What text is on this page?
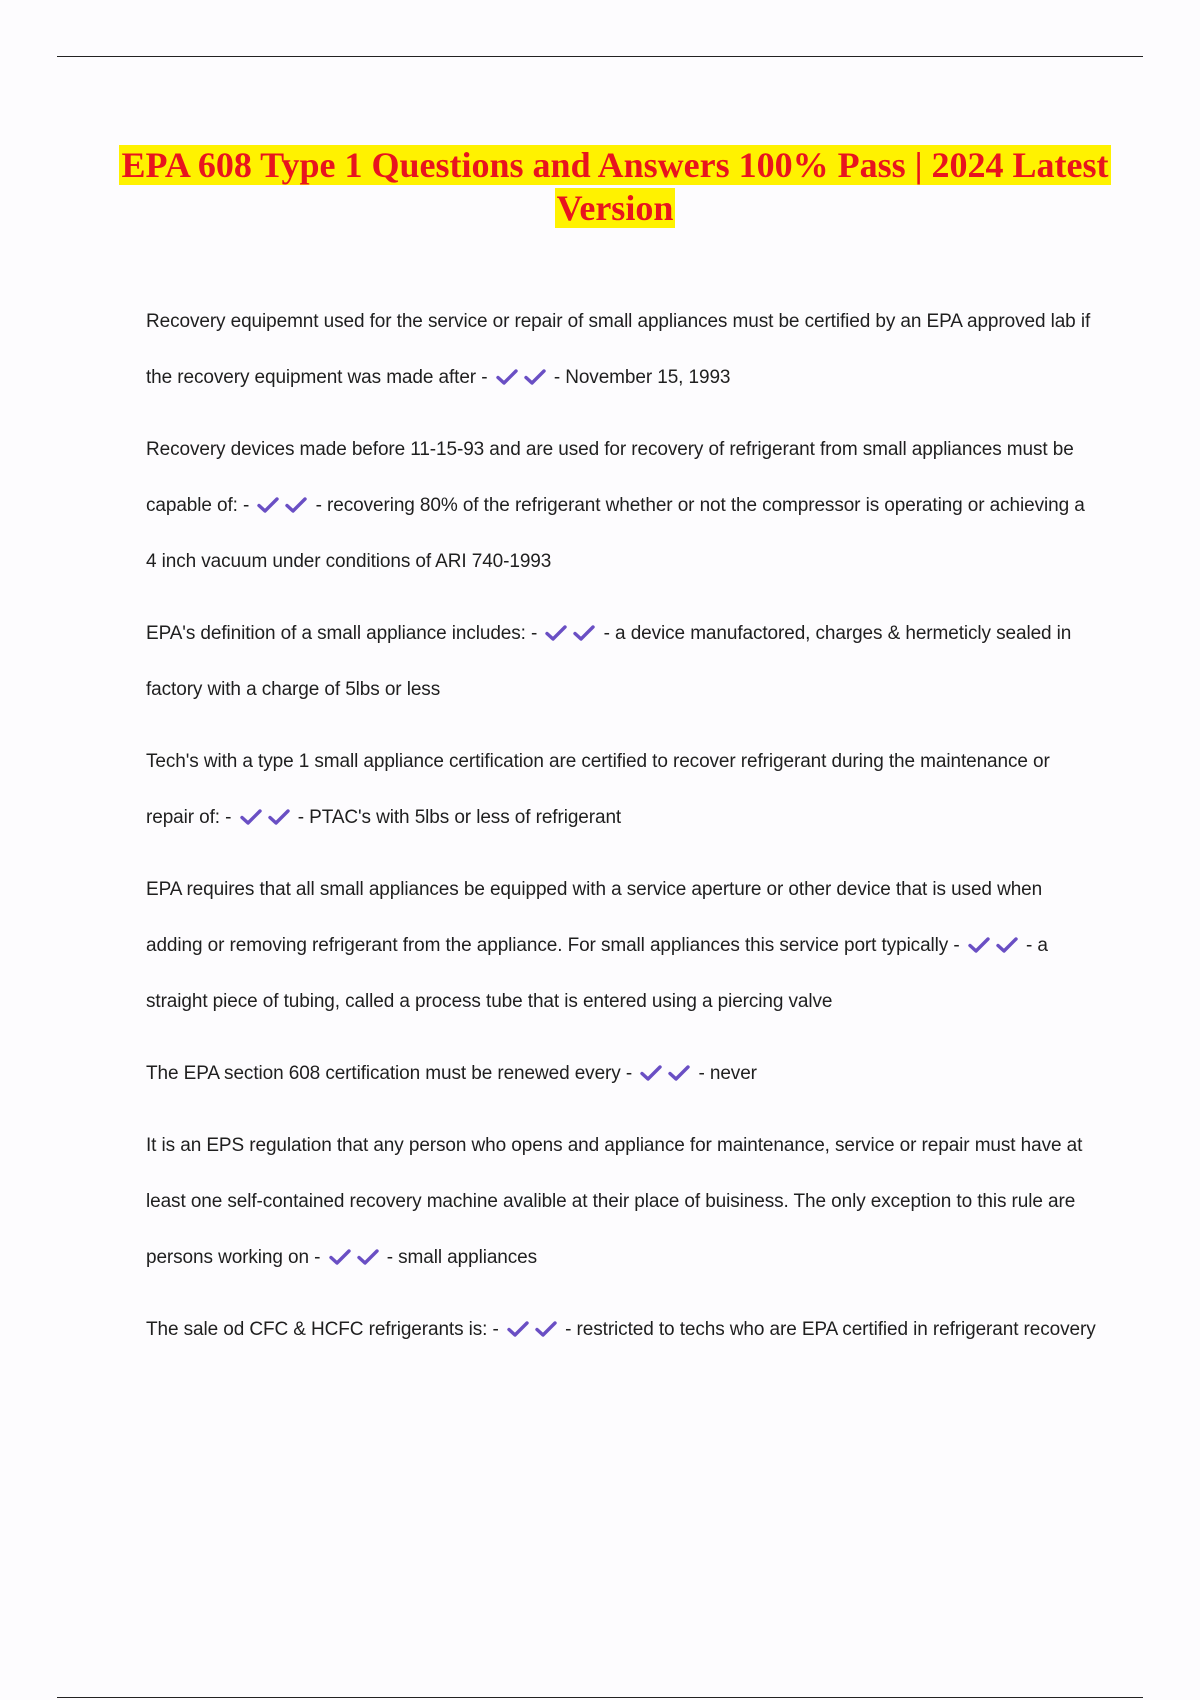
EPA 608 Type 1 Questions and Answers 100% Pass | 2024 Latest Version

Recovery equipemnt used for the service or repair of small appliances must be certified by an EPA approved lab if the recovery equipment was made after -	- November 15, 1993

Recovery devices made before 11-15-93 and are used for recovery of refrigerant from small appliances must be capable of: -	- recovering 80% of the refrigerant whether or not the compressor is operating or achieving a 4 inch vacuum under conditions of ARI 740-1993

EPA's definition of a small appliance includes: -	- a device manufactored, charges & hermeticly sealed in factory with a charge of 5lbs or less

Tech's with a type 1 small appliance certification are certified to recover refrigerant during the maintenance or repair of: -	- PTAC's with 5lbs or less of refrigerant

EPA requires that all small appliances be equipped with a service aperture or other device that is used when adding or removing refrigerant from the appliance. For small appliances this service port typically -	- a straight piece of tubing, called a process tube that is entered using a piercing valve

The EPA section 608 certification must be renewed every -	- never

It is an EPS regulation that any person who opens and appliance for maintenance, service or repair must have at least one self-contained recovery machine avalible at their place of buisiness. The only exception to this rule are persons working on -	- small appliances

The sale od CFC & HCFC refrigerants is: -	- restricted to techs who are EPA certified in refrigerant recovery
